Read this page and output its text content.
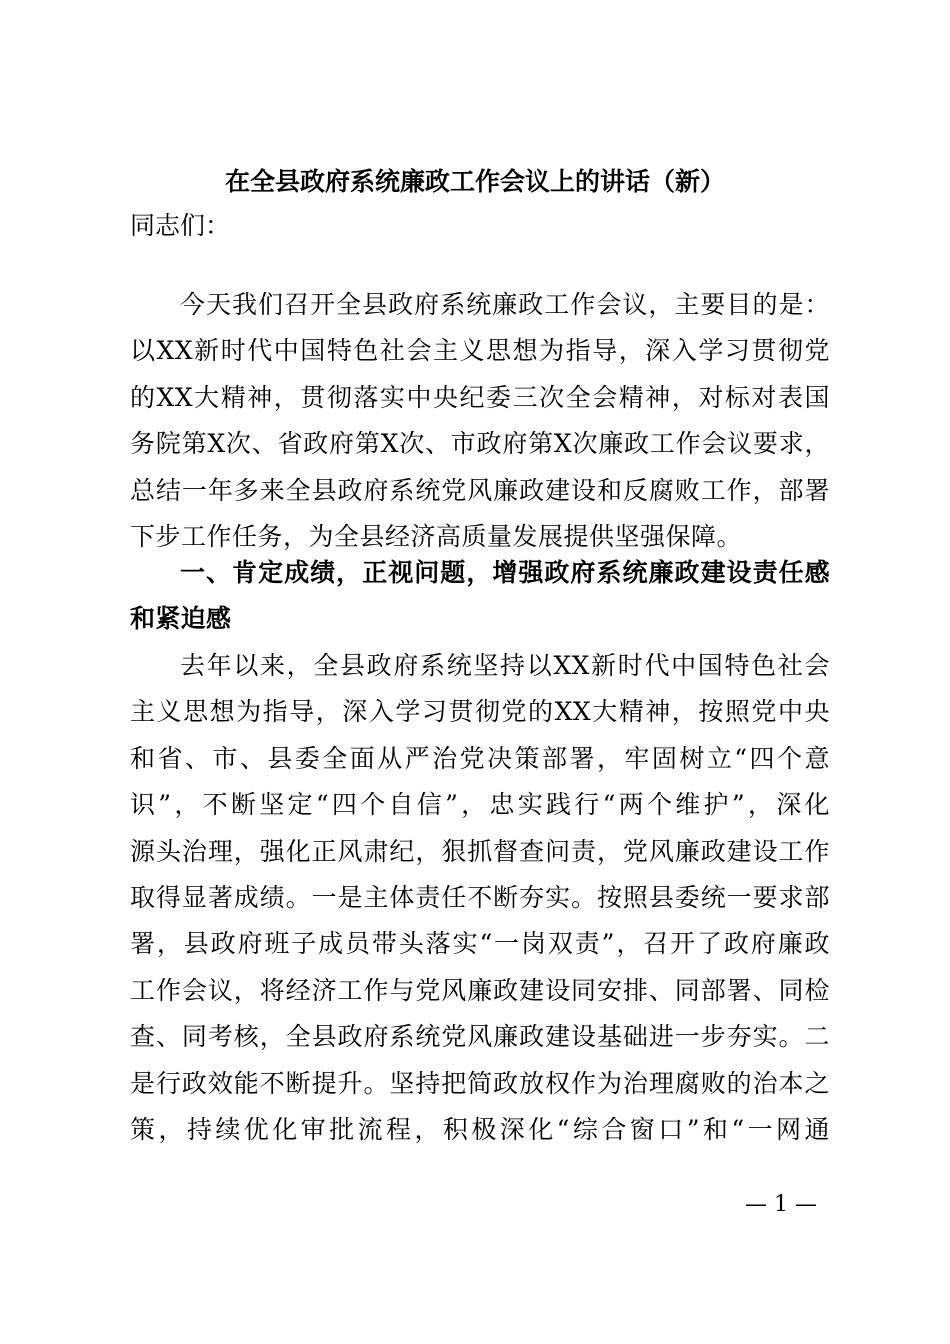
在全县政府系统廉政工作会议上的讲话（新）
同志们：
今天我们召开全县政府系统廉政工作会议，主要目的是：
以XX新时代中国特色社会主义思想为指导，深入学习贯彻党
的XX大精神，贯彻落实中央纪委三次全会精神，对标对表国
务院第X次、省政府第X次、市政府第X次廉政工作会议要求，
总结一年多来全县政府系统党风廉政建设和反腐败工作，部署
下步工作任务，为全县经济高质量发展提供坚强保障。
一、肯定成绩，正视问题，增强政府系统廉政建设责任感
和紧迫感
去年以来，全县政府系统坚持以XX新时代中国特色社会
主义思想为指导，深入学习贯彻党的XX大精神，按照党中央
和省、市、县委全面从严治党决策部署，牢固树立“四个意
识”，不断坚定“四个自信”，忠实践行“两个维护”，深化
源头治理，强化正风肃纪，狠抓督查问责，党风廉政建设工作
取得显著成绩。一是主体责任不断夯实。按照县委统一要求部
署，县政府班子成员带头落实“一岗双责”，召开了政府廉政
工作会议，将经济工作与党风廉政建设同安排、同部署、同检
查、同考核，全县政府系统党风廉政建设基础进一步夯实。二
是行政效能不断提升。坚持把简政放权作为治理腐败的治本之
策，持续优化审批流程，积极深化“综合窗口”和“一网通
— 1 —
